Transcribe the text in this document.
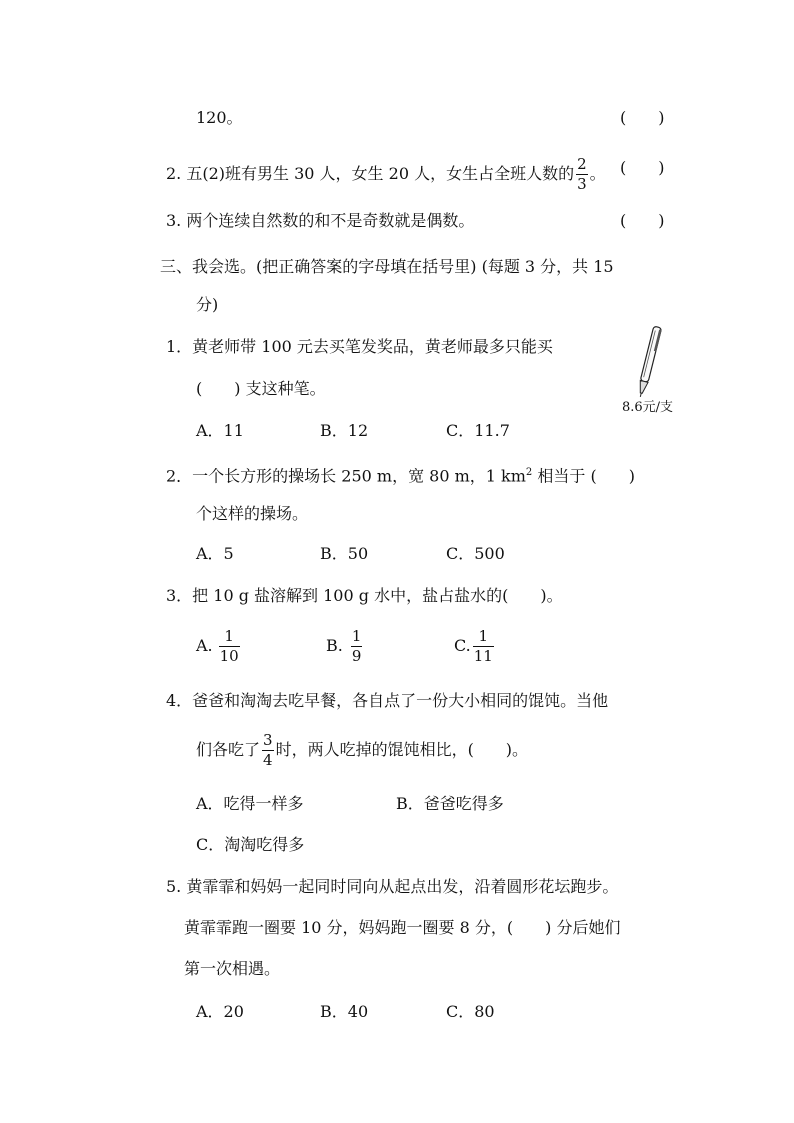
120。	(　　)
2. 五(2)班有男生 30 人，女生 20 人，女生占全班人数的 $\frac{2}{3}$ 。 (　　)
3. 两个连续自然数的和不是奇数就是偶数。	(　　)
三、我会选。(把正确答案的字母填在括号里) (每题 3 分，共 15
分)
1．黄老师带 100 元去买笔发奖品，黄老师最多只能买
(　　) 支这种笔。
8.6元/支
A．11	B．12	C．11.7
2．一个长方形的操场长 250 m，宽 80 m，1 $km^2$ 相当于 (　　)
个这样的操场。
A．5	B．50	C．500
3．把 10 g 盐溶解到 100 g 水中，盐占盐水的(　　)。
A. $\frac{1}{10}$	B. $\frac{1}{9}$	C. $\frac{1}{11}$
4．爸爸和淘淘去吃早餐，各自点了一份大小相同的馄饨。当他
们各吃了 $\frac{3}{4}$ 时，两人吃掉的馄饨相比，(　　)。
A．吃得一样多	B．爸爸吃得多
C．淘淘吃得多
5. 黄霏霏和妈妈一起同时同向从起点出发，沿着圆形花坛跑步。
黄霏霏跑一圈要 10 分，妈妈跑一圈要 8 分，(　　) 分后她们
第一次相遇。
A．20	B．40	C．80
